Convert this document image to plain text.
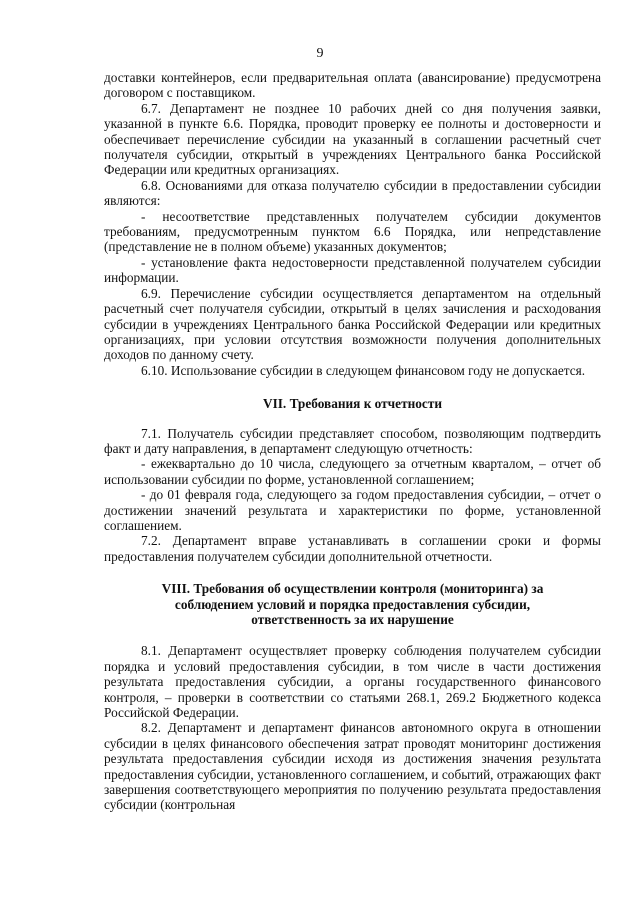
9

доставки контейнеров, если предварительная оплата (авансирование) предусмотрена договором с поставщиком.

6.7. Департамент не позднее 10 рабочих дней со дня получения заявки, указанной в пункте 6.6. Порядка, проводит проверку ее полноты и достоверности и обеспечивает перечисление субсидии на указанный в соглашении расчетный счет получателя субсидии, открытый в учреждениях Центрального банка Российской Федерации или кредитных организациях.

6.8. Основаниями для отказа получателю субсидии в предоставлении субсидии являются:

- несоответствие представленных получателем субсидии документов требованиям, предусмотренным пунктом 6.6 Порядка, или непредставление (представление не в полном объеме) указанных документов;

- установление факта недостоверности представленной получателем субсидии информации.

6.9. Перечисление субсидии осуществляется департаментом на отдельный расчетный счет получателя субсидии, открытый в целях зачисления и расходования субсидии в учреждениях Центрального банка Российской Федерации или кредитных организациях, при условии отсутствия возможности получения дополнительных доходов по данному счету.

6.10. Использование субсидии в следующем финансовом году не допускается.

VII. Требования к отчетности

7.1. Получатель субсидии представляет способом, позволяющим подтвердить факт и дату направления, в департамент следующую отчетность:

- ежеквартально до 10 числа, следующего за отчетным кварталом, – отчет об использовании субсидии по форме, установленной соглашением;

- до 01 февраля года, следующего за годом предоставления субсидии, – отчет о достижении значений результата и характеристики по форме, установленной соглашением.

7.2. Департамент вправе устанавливать в соглашении сроки и формы предоставления получателем субсидии дополнительной отчетности.

VIII. Требования об осуществлении контроля (мониторинга) за
соблюдением условий и порядка предоставления субсидии,
ответственность за их нарушение

8.1. Департамент осуществляет проверку соблюдения получателем субсидии порядка и условий предоставления субсидии, в том числе в части достижения результата предоставления субсидии, а органы государственного финансового контроля, – проверки в соответствии со статьями 268.1, 269.2 Бюджетного кодекса Российской Федерации.

8.2. Департамент и департамент финансов автономного округа в отношении субсидии в целях финансового обеспечения затрат проводят мониторинг достижения результата предоставления субсидии исходя из достижения значения результата предоставления субсидии, установленного соглашением, и событий, отражающих факт завершения соответствующего мероприятия по получению результата предоставления субсидии (контрольная
